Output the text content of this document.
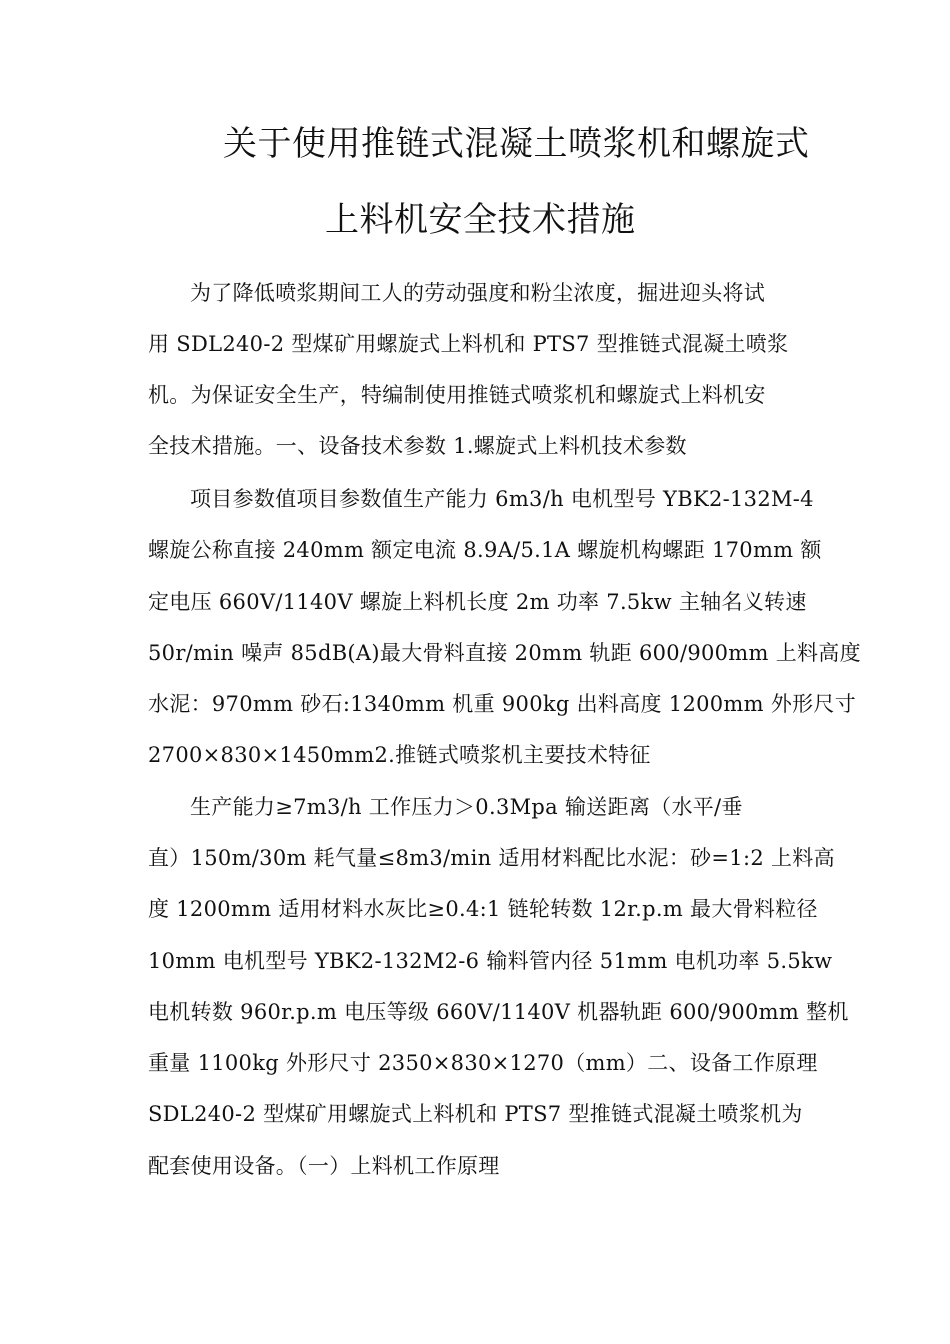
关于使用推链式混凝土喷浆机和螺旋式
上料机安全技术措施
为了降低喷浆期间工人的劳动强度和粉尘浓度，掘进迎头将试
用 SDL240-2 型煤矿用螺旋式上料机和 PTS7 型推链式混凝土喷浆
机。为保证安全生产，特编制使用推链式喷浆机和螺旋式上料机安
全技术措施。一、设备技术参数 1.螺旋式上料机技术参数
项目参数值项目参数值生产能力 6m3/h 电机型号 YBK2-132M-4
螺旋公称直接 240mm 额定电流 8.9A/5.1A 螺旋机构螺距 170mm 额
定电压 660V/1140V 螺旋上料机长度 2m 功率 7.5kw 主轴名义转速
50r/min 噪声 85dB(A)最大骨料直接 20mm 轨距 600/900mm 上料高度
水泥：970mm 砂石:1340mm 机重 900kg 出料高度 1200mm 外形尺寸
2700×830×1450mm2.推链式喷浆机主要技术特征
生产能力≥7m3/h 工作压力＞0.3Mpa 输送距离（水平/垂
直）150m/30m 耗气量≤8m3/min 适用材料配比水泥：砂=1:2 上料高
度 1200mm 适用材料水灰比≥0.4:1 链轮转数 12r.p.m 最大骨料粒径
10mm 电机型号 YBK2-132M2-6 输料管内径 51mm 电机功率 5.5kw
电机转数 960r.p.m 电压等级 660V/1140V 机器轨距 600/900mm 整机
重量 1100kg 外形尺寸 2350×830×1270（mm）二、设备工作原理
SDL240-2 型煤矿用螺旋式上料机和 PTS7 型推链式混凝土喷浆机为
配套使用设备。（一）上料机工作原理
